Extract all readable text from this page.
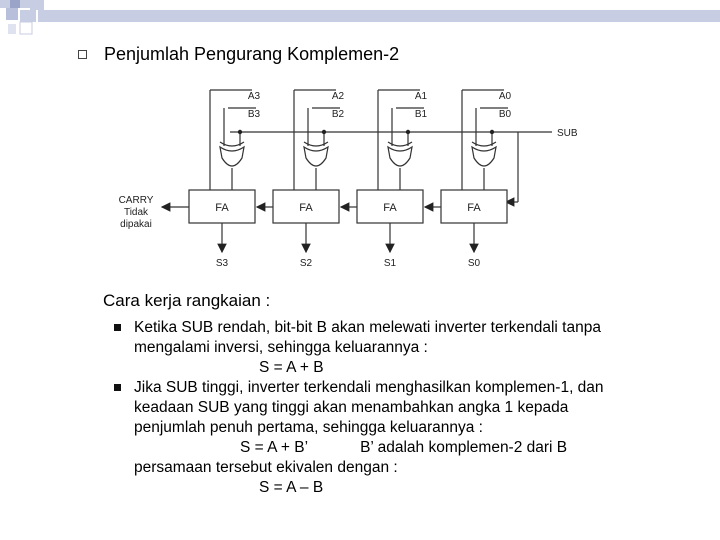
Penjumlah Pengurang Komplemen-2
SUB
A3
B3
FA
S3
A2
B2
FA
S2
A1
B1
FA
S1
A0
B0
FA
S0
CARRY
Tidak
dipakai
Cara kerja rangkaian :
Ketika SUB rendah, bit-bit B akan melewati inverter terkendali tanpa
mengalami inversi, sehingga keluarannya :
S = A + B
Jika SUB tinggi, inverter terkendali menghasilkan komplemen-1, dan
keadaan SUB yang tinggi akan menambahkan angka 1 kepada
penjumlah penuh pertama, sehingga keluarannya :
S = A + B’	B’ adalah komplemen-2 dari B
persamaan tersebut ekivalen dengan :
S = A – B
